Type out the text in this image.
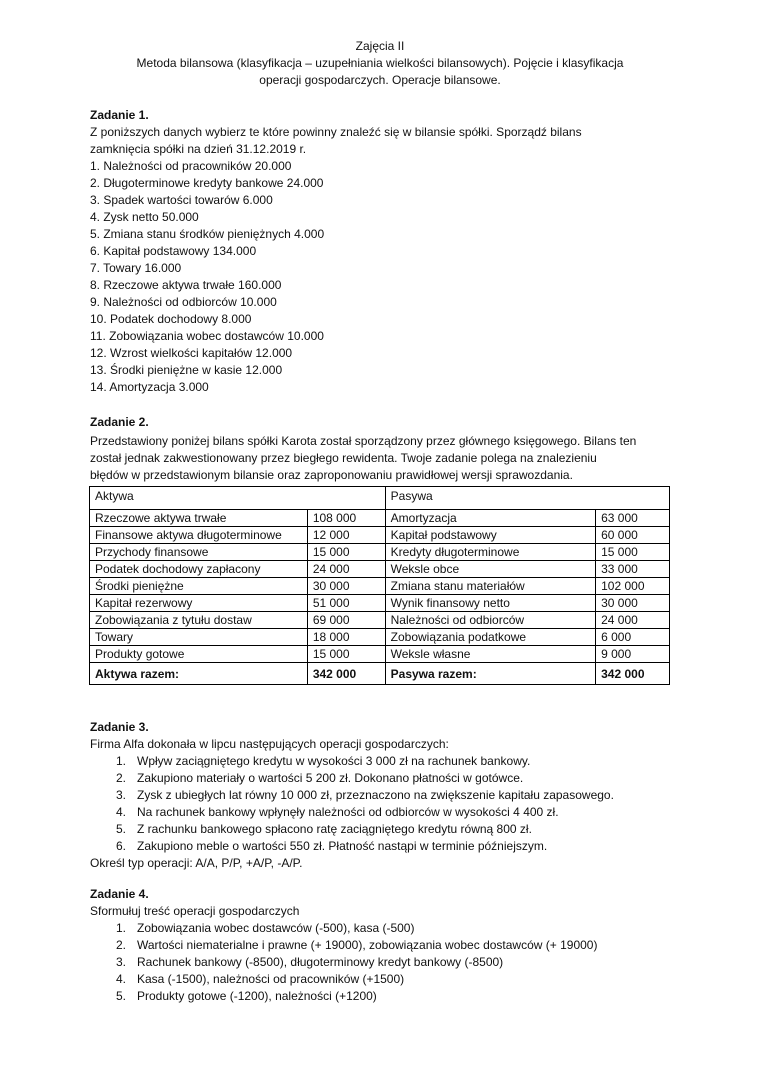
Zajęcia II
Metoda bilansowa (klasyfikacja – uzupełniania wielkości bilansowych). Pojęcie i klasyfikacja
operacji gospodarczych. Operacje bilansowe.
Zadanie 1.
Z poniższych danych wybierz te które powinny znaleźć się w bilansie spółki. Sporządź bilans
zamknięcia spółki na dzień 31.12.2019 r.
1. Należności od pracowników 20.000
2. Długoterminowe kredyty bankowe 24.000
3. Spadek wartości towarów 6.000
4. Zysk netto 50.000
5. Zmiana stanu środków pieniężnych 4.000
6. Kapitał podstawowy 134.000
7. Towary 16.000
8. Rzeczowe aktywa trwałe 160.000
9. Należności od odbiorców 10.000
10. Podatek dochodowy 8.000
11. Zobowiązania wobec dostawców 10.000
12. Wzrost wielkości kapitałów 12.000
13. Środki pieniężne w kasie 12.000
14. Amortyzacja 3.000
Zadanie 2.
Przedstawiony poniżej bilans spółki Karota został sporządzony przez głównego księgowego. Bilans ten
został jednak zakwestionowany przez biegłego rewidenta. Twoje zadanie polega na znalezieniu
błędów w przedstawionym bilansie oraz zaproponowaniu prawidłowej wersji sprawozdania.
Aktywa		Pasywa	
Rzeczowe aktywa trwałe	108 000	Amortyzacja	63 000
Finansowe aktywa długoterminowe	12 000	Kapitał podstawowy	60 000
Przychody finansowe	15 000	Kredyty długoterminowe	15 000
Podatek dochodowy zapłacony	24 000	Weksle obce	33 000
Środki pieniężne	30 000	Zmiana stanu materiałów	102 000
Kapitał rezerwowy	51 000	Wynik finansowy netto	30 000
Zobowiązania z tytułu dostaw	69 000	Należności od odbiorców	24 000
Towary	18 000	Zobowiązania podatkowe	6 000
Produkty gotowe	15 000	Weksle własne	9 000
Aktywa razem:	342 000	Pasywa razem:	342 000
Zadanie 3.
Firma Alfa dokonała w lipcu następujących operacji gospodarczych:
1. Wpływ zaciągniętego kredytu w wysokości 3 000 zł na rachunek bankowy.
2. Zakupiono materiały o wartości 5 200 zł. Dokonano płatności w gotówce.
3. Zysk z ubiegłych lat równy 10 000 zł, przeznaczono na zwiększenie kapitału zapasowego.
4. Na rachunek bankowy wpłynęły należności od odbiorców w wysokości 4 400 zł.
5. Z rachunku bankowego spłacono ratę zaciągniętego kredytu równą 800 zł.
6. Zakupiono meble o wartości 550 zł. Płatność nastąpi w terminie późniejszym.
Określ typ operacji: A/A, P/P, +A/P, -A/P.
Zadanie 4.
Sformułuj treść operacji gospodarczych
1. Zobowiązania wobec dostawców (-500), kasa (-500)
2. Wartości niematerialne i prawne (+ 19000), zobowiązania wobec dostawców (+ 19000)
3. Rachunek bankowy (-8500), długoterminowy kredyt bankowy (-8500)
4. Kasa (-1500), należności od pracowników (+1500)
5. Produkty gotowe (-1200), należności (+1200)
